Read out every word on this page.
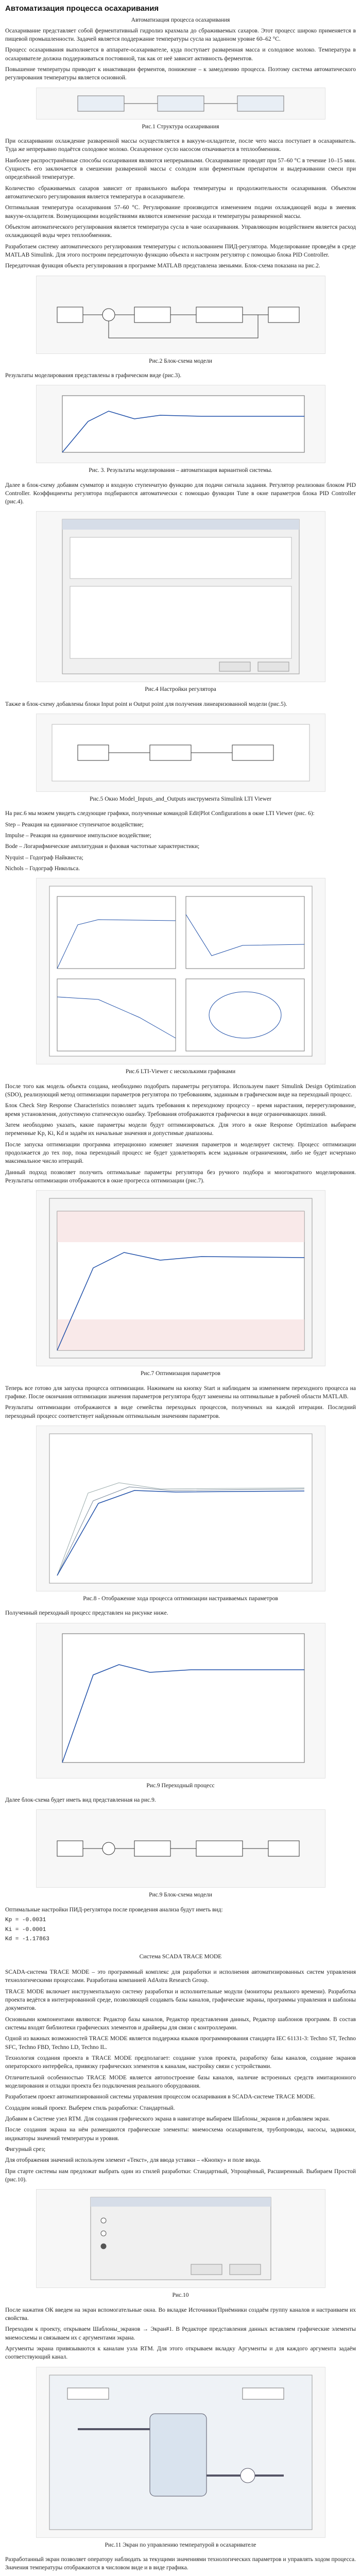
Автоматизация процесса осахаривания
Автоматизация процесса осахаривания

Осахаривание представляет собой ферментативный гидролиз крахмала до сбраживаемых сахаров. Этот процесс широко применяется в пищевой промышленности. Задачей является поддержание температуры сусла на заданном уровне 60–62 °С.

Процесс осахаривания выполняется в аппарате-осахаривателе, куда поступает разваренная масса и солодовое молоко. Температура в осахаривателе должна поддерживаться постоянной, так как от неё зависит активность ферментов.

Повышение температуры приводит к инактивации ферментов, понижение – к замедлению процесса. Поэтому система автоматического регулирования температуры является основной.

Рис.1 Структура осахаривания

При осахаривании охлаждение разваренной массы осуществляется в вакуум-охладителе, после чего масса поступает в осахариватель. Туда же непрерывно подаётся солодовое молоко. Осахаренное сусло насосом откачивается в теплообменник.

Наиболее распространённые способы осахаривания являются непрерывными. Осахаривание проводят при 57–60 °С в течение 10–15 мин. Сущность его заключается в смешении разваренной массы с солодом или ферментным препаратом и выдерживании смеси при определённой температуре.

Количество сбраживаемых сахаров зависит от правильного выбора температуры и продолжительности осахаривания. Объектом автоматического регулирования является температура в осахаривателе.

Оптимальная температура осахаривания 57–60 °С. Регулирование производится изменением подачи охлаждающей воды в змеевик вакуум-охладителя. Возмущающими воздействиями являются изменение расхода и температуры разваренной массы.

Объектом автоматического регулирования является температура сусла в чане осахаривания. Управляющим воздействием является расход охлаждающей воды через теплообменник.

Разработаем систему автоматического регулирования температуры с использованием ПИД-регулятора. Моделирование проведём в среде MATLAB Simulink. Для этого построим передаточную функцию объекта и настроим регулятор с помощью блока PID Controller.

Передаточная функция объекта регулирования в программе MATLAB представлена звеньями. Блок-схема показана на рис.2.

Рис.2 Блок-схема модели

Результаты моделирования представлены в графическом виде (рис.3).

Рис. 3. Результаты моделирования – автоматизация вариантной системы.

Далее в блок-схему добавим сумматор и входную ступенчатую функцию для подачи сигнала задания. Регулятор реализован блоком PID Controller. Коэффициенты регулятора подбираются автоматически с помощью функции Tune в окне параметров блока PID Controller (рис.4).

Рис.4 Настройки регулятора

Также в блок-схему добавлены блоки Input point и Output point для получения линеаризованной модели (рис.5).

Рис.5 Окно Model_Inputs_and_Outputs инструмента Simulink LTI Viewer

На рис.6 мы можем увидеть следующие графики, полученные командой Edit|Plot Configurations в окне LTI Viewer (рис. 6):

Step – Реакция на единичное ступенчатое воздействие;

Impulse – Реакция на единичное импульсное воздействие;

Bode – Логарифмические амплитудная и фазовая частотные характеристики;

Nyquist – Годограф Найквиста;

Nichols – Годограф Никольса.

Рис.6 LTI-Viewer с несколькими графиками

После того как модель объекта создана, необходимо подобрать параметры регулятора. Используем пакет Simulink Design Optimization (SDO), реализующий метод оптимизации параметров регулятора по требованиям, заданным в графическом виде на переходный процесс.

Блок Check Step Response Characteristics позволяет задать требования к переходному процессу – время нарастания, перерегулирование, время установления, допустимую статическую ошибку. Требования отображаются графически в виде ограничивающих линий.

Затем необходимо указать, какие параметры модели будут оптимизироваться. Для этого в окне Response Optimization выбираем переменные Kp, Ki, Kd и задаём их начальные значения и допустимые диапазоны.

После запуска оптимизации программа итерационно изменяет значения параметров и моделирует систему. Процесс оптимизации продолжается до тех пор, пока переходный процесс не будет удовлетворять всем заданным ограничениям, либо не будет исчерпано максимальное число итераций.

Данный подход позволяет получить оптимальные параметры регулятора без ручного подбора и многократного моделирования. Результаты оптимизации отображаются в окне прогресса оптимизации (рис.7).

Рис.7 Оптимизация параметров

Теперь все готово для запуска процесса оптимизации. Нажимаем на кнопку Start и наблюдаем за изменением переходного процесса на графике. После окончания оптимизации значения параметров регулятора будут заменены на оптимальные в рабочей области MATLAB.

Результаты оптимизации отображаются в виде семейства переходных процессов, полученных на каждой итерации. Последний переходный процесс соответствует найденным оптимальным значениям параметров.

Рис.8 - Отображение хода процесса оптимизации настраиваемых параметров

Полученный переходный процесс представлен на рисунке ниже.

Рис.9 Переходный процесс

Далее блок-схема будет иметь вид представленная на рис.9.

Рис.9 Блок-схема модели

Оптимальные настройки ПИД-регулятора после проведения анализа будут иметь вид:

Kp = -0.0031

Ki = -0.0001

Kd = -1.17863

Система SCADA TRACE MODE

SCADA-система TRACE MODE – это программный комплекс для разработки и исполнения автоматизированных систем управления технологическими процессами. Разработана компанией AdAstra Research Group.

TRACE MODE включает инструментальную систему разработки и исполнительные модули (мониторы реального времени). Разработка проекта ведётся в интегрированной среде, позволяющей создавать базы каналов, графические экраны, программы управления и шаблоны документов.

Основными компонентами являются: Редактор базы каналов, Редактор представления данных, Редактор шаблонов программ. В состав системы входят библиотеки графических элементов и драйверы для связи с контроллерами.

Одной из важных возможностей TRACE MODE является поддержка языков программирования стандарта IEC 61131-3: Techno ST, Techno SFC, Techno FBD, Techno LD, Techno IL.

Технология создания проекта в TRACE MODE предполагает: создание узлов проекта, разработку базы каналов, создание экранов операторского интерфейса, привязку графических элементов к каналам, настройку связи с устройствами.

Отличительной особенностью TRACE MODE является автопостроение базы каналов, наличие встроенных средств имитационного моделирования и отладки проекта без подключения реального оборудования.

Разработаем проект автоматизированной системы управления процессом осахаривания в SCADA-системе TRACE MODE.

Создадим новый проект. Выберем стиль разработки: Стандартный.

Добавим в Системе узел RTM. Для создания графического экрана в навигаторе выбираем Шаблоны_экранов и добавляем экран.

После создания экрана на нём размещаются графические элементы: мнемосхема осахаривателя, трубопроводы, насосы, задвижки, индикаторы значений температуры и уровня.

Фигурный срез;

Для отображения значений используем элемент «Текст», для ввода уставки – «Кнопку» и поле ввода.

При старте системы нам предложат выбрать один из стилей разработки: Стандартный, Упрощённый, Расширенный. Выбираем Простой (рис.10).

Рис.10

После нажатия ОК введем на экран вспомогательные окна. Во вкладке Источники/Приёмники создаём группу каналов и настраиваем их свойства.

Переходим к проекту, открываем Шаблоны_экранов → Экран#1. В Редакторе представления данных вставляем графические элементы мнемосхемы и связываем их с аргументами экрана.

Аргументы экрана привязываются к каналам узла RTM. Для этого открываем вкладку Аргументы и для каждого аргумента задаём соответствующий канал.

Рис.11 Экран по управлению температурой в осахаривателе

Разработанный экран позволяет оператору наблюдать за текущими значениями технологических параметров и управлять ходом процесса. Значения температуры отображаются в числовом виде и в виде графика.
